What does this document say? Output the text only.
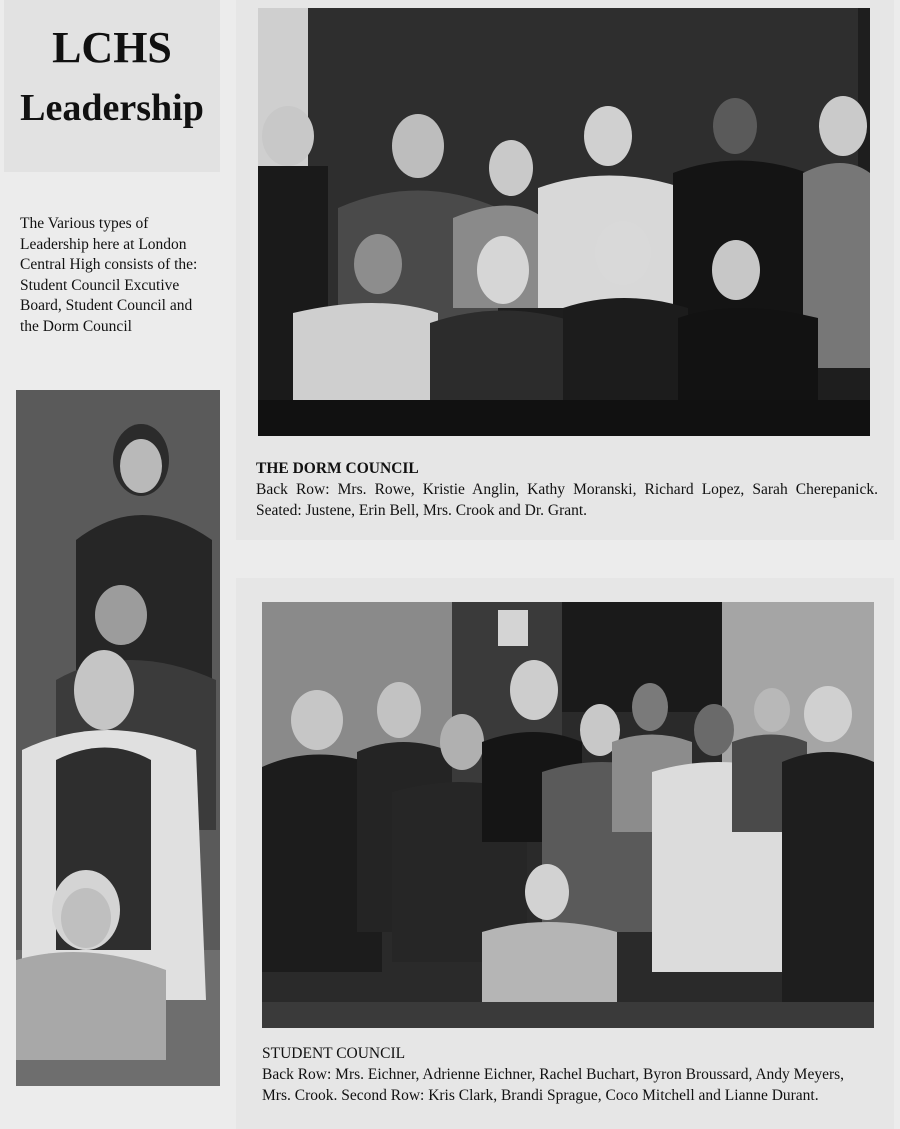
LCHS
Leadership
The Various types of Leadership here at London Central High consists of the: Student Council Excutive Board, Student Council and the Dorm Council
THE DORM COUNCIL
Back Row: Mrs. Rowe, Kristie Anglin, Kathy Moranski, Richard Lopez, Sarah Cherepanick. Seated: Justene, Erin Bell, Mrs. Crook and Dr. Grant.
STUDENT COUNCIL
Back Row: Mrs. Eichner, Adrienne Eichner, Rachel Buchart, Byron Broussard, Andy Meyers, Mrs. Crook. Second Row: Kris Clark, Brandi Sprague, Coco Mitchell and Lianne Durant.
